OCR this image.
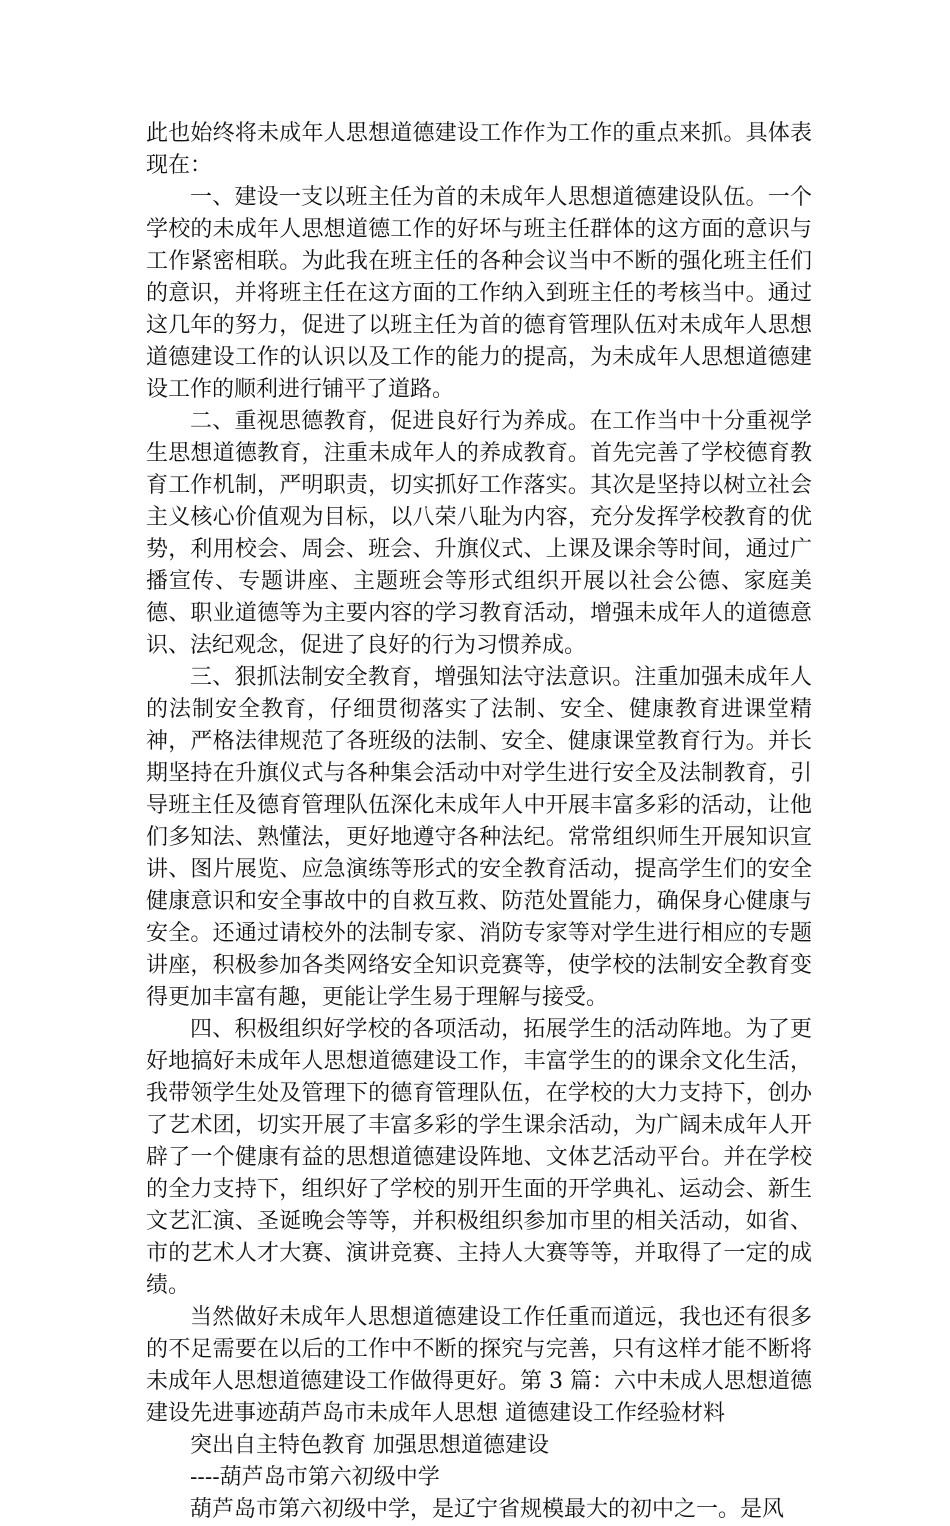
此也始终将未成年人思想道德建设工作作为工作的重点来抓。具体表现在：

一、建设一支以班主任为首的未成年人思想道德建设队伍。一个学校的未成年人思想道德工作的好坏与班主任群体的这方面的意识与工作紧密相联。为此我在班主任的各种会议当中不断的强化班主任们的意识，并将班主任在这方面的工作纳入到班主任的考核当中。通过这几年的努力，促进了以班主任为首的德育管理队伍对未成年人思想道德建设工作的认识以及工作的能力的提高，为未成年人思想道德建设工作的顺利进行铺平了道路。

二、重视思德教育，促进良好行为养成。在工作当中十分重视学生思想道德教育，注重未成年人的养成教育。首先完善了学校德育教育工作机制，严明职责，切实抓好工作落实。其次是坚持以树立社会主义核心价值观为目标，以八荣八耻为内容，充分发挥学校教育的优势，利用校会、周会、班会、升旗仪式、上课及课余等时间，通过广播宣传、专题讲座、主题班会等形式组织开展以社会公德、家庭美德、职业道德等为主要内容的学习教育活动，增强未成年人的道德意识、法纪观念，促进了良好的行为习惯养成。

三、狠抓法制安全教育，增强知法守法意识。注重加强未成年人的法制安全教育，仔细贯彻落实了法制、安全、健康教育进课堂精神，严格法律规范了各班级的法制、安全、健康课堂教育行为。并长期坚持在升旗仪式与各种集会活动中对学生进行安全及法制教育，引导班主任及德育管理队伍深化未成年人中开展丰富多彩的活动，让他们多知法、熟懂法，更好地遵守各种法纪。常常组织师生开展知识宣讲、图片展览、应急演练等形式的安全教育活动，提高学生们的安全健康意识和安全事故中的自救互救、防范处置能力，确保身心健康与安全。还通过请校外的法制专家、消防专家等对学生进行相应的专题讲座，积极参加各类网络安全知识竞赛等，使学校的法制安全教育变得更加丰富有趣，更能让学生易于理解与接受。

四、积极组织好学校的各项活动，拓展学生的活动阵地。为了更好地搞好未成年人思想道德建设工作，丰富学生的的课余文化生活，我带领学生处及管理下的德育管理队伍，在学校的大力支持下，创办了艺术团，切实开展了丰富多彩的学生课余活动，为广阔未成年人开辟了一个健康有益的思想道德建设阵地、文体艺活动平台。并在学校的全力支持下，组织好了学校的别开生面的开学典礼、运动会、新生文艺汇演、圣诞晚会等等，并积极组织参加市里的相关活动，如省、市的艺术人才大赛、演讲竞赛、主持人大赛等等，并取得了一定的成绩。

当然做好未成年人思想道德建设工作任重而道远，我也还有很多的不足需要在以后的工作中不断的探究与完善，只有这样才能不断将未成年人思想道德建设工作做得更好。第 3 篇：六中未成人思想道德建设先进事迹葫芦岛市未成年人思想 道德建设工作经验材料

突出自主特色教育 加强思想道德建设

----葫芦岛市第六初级中学

葫芦岛市第六初级中学，是辽宁省规模最大的初中之一。是风
